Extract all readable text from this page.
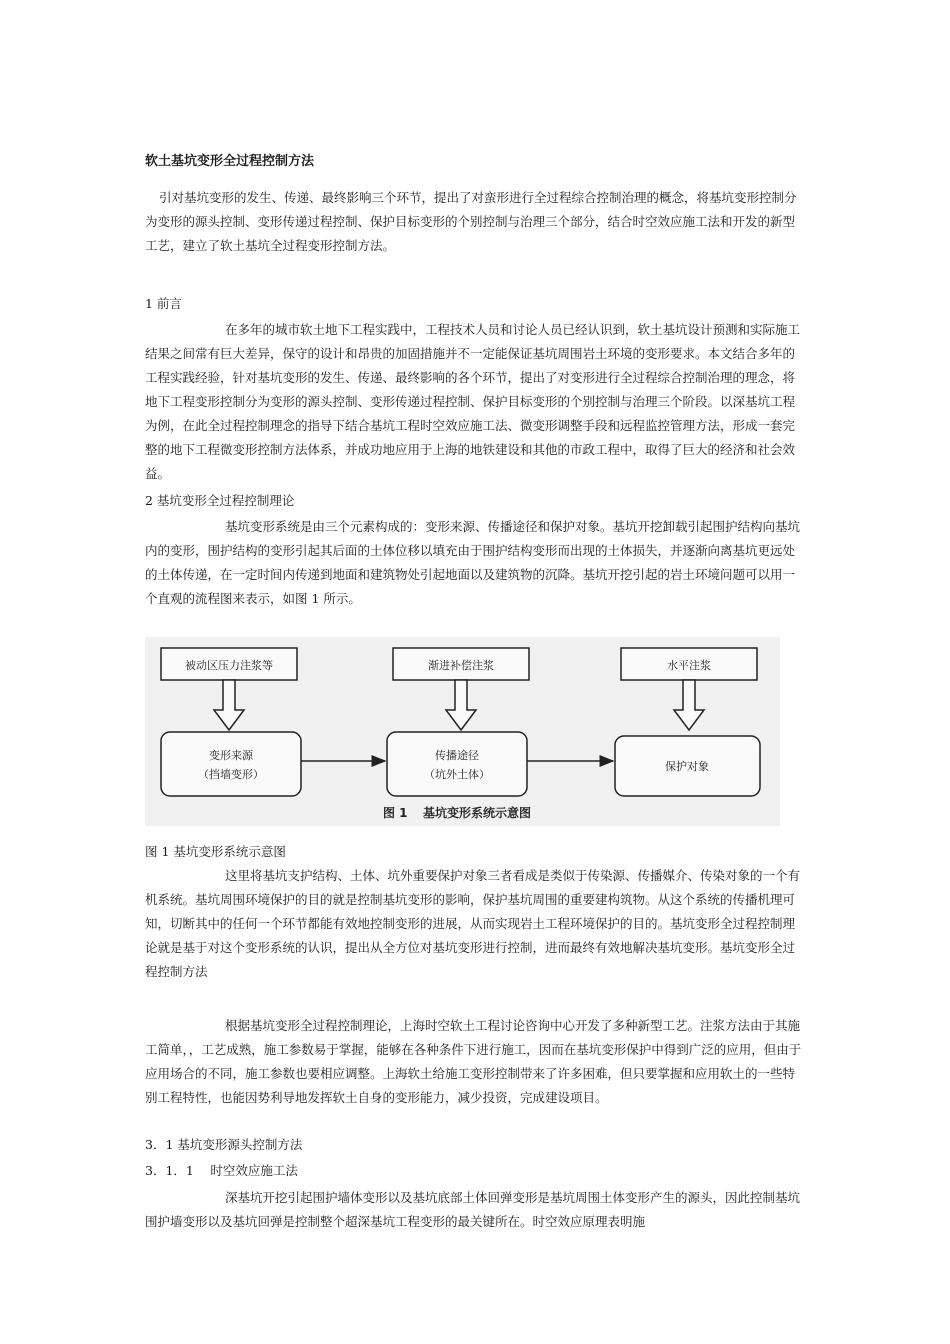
软土基坑变形全过程控制方法
引对基坑变形的发生、传递、最终影响三个环节，提出了对蛮形进行全过程综合控制治理的概念，将基坑变形控制分为变形的源头控制、变形传递过程控制、保护目标变形的个别控制与治理三个部分，结合时空效应施工法和开发的新型工艺，建立了软土基坑全过程变形控制方法。
1 前言
在多年的城市软土地下工程实践中，工程技术人员和讨论人员已经认识到，软土基坑设计预测和实际施工结果之间常有巨大差异，保守的设计和昂贵的加固措施并不一定能保证基坑周围岩土环境的变形要求。本文结合多年的工程实践经验，针对基坑变形的发生、传递、最终影响的各个环节，提出了对变形进行全过程综合控制治理的理念，将地下工程变形控制分为变形的源头控制、变形传递过程控制、保护目标变形的个别控制与治理三个阶段。以深基坑工程为例，在此全过程控制理念的指导下结合基坑工程时空效应施工法、微变形调整手段和远程监控管理方法，形成一套完整的地下工程微变形控制方法体系，并成功地应用于上海的地铁建设和其他的市政工程中，取得了巨大的经济和社会效益。
2 基坑变形全过程控制理论
基坑变形系统是由三个元素构成的：变形来源、传播途径和保护对象。基坑开挖卸载引起围护结构向基坑内的变形，围护结构的变形引起其后面的土体位移以填充由于围护结构变形而出现的土体损失，并逐渐向离基坑更远处的土体传递，在一定时间内传递到地面和建筑物处引起地面以及建筑物的沉降。基坑开挖引起的岩土环境问题可以用一个直观的流程图来表示，如图 1 所示。
被动区压力注浆等	渐进补偿注浆	水平注浆
变形来源
（挡墙变形）
传播途径
（坑外土体）
保护对象
图 1 基坑变形系统示意图
图 1 基坑变形系统示意图
这里将基坑支护结构、土体、坑外重要保护对象三者看成是类似于传染源、传播媒介、传染对象的一个有机系统。基坑周围环境保护的目的就是控制基坑变形的影响，保护基坑周围的重要建构筑物。从这个系统的传播机理可知，切断其中的任何一个环节都能有效地控制变形的进展，从而实现岩土工程环境保护的目的。基坑变形全过程控制理论就是基于对这个变形系统的认识，提出从全方位对基坑变形进行控制，进而最终有效地解决基坑变形。基坑变形全过程控制方法
根据基坑变形全过程控制理论，上海时空软土工程讨论咨询中心开发了多种新型工艺。注浆方法由于其施工简单，，工艺成熟，施工参数易于掌握，能够在各种条件下进行施工，因而在基坑变形保护中得到广泛的应用，但由于应用场合的不同，施工参数也要相应调整。上海软土给施工变形控制带来了许多困难，但只要掌握和应用软土的一些特别工程特性，也能因势利导地发挥软土自身的变形能力，减少投资，完成建设项目。
3．1 基坑变形源头控制方法
3．1．1　 时空效应施工法
深基坑开挖引起围护墙体变形以及基坑底部土体回弹变形是基坑周围土体变形产生的源头，因此控制基坑围护墙变形以及基坑回弹是控制整个超深基坑工程变形的最关键所在。时空效应原理表明施
